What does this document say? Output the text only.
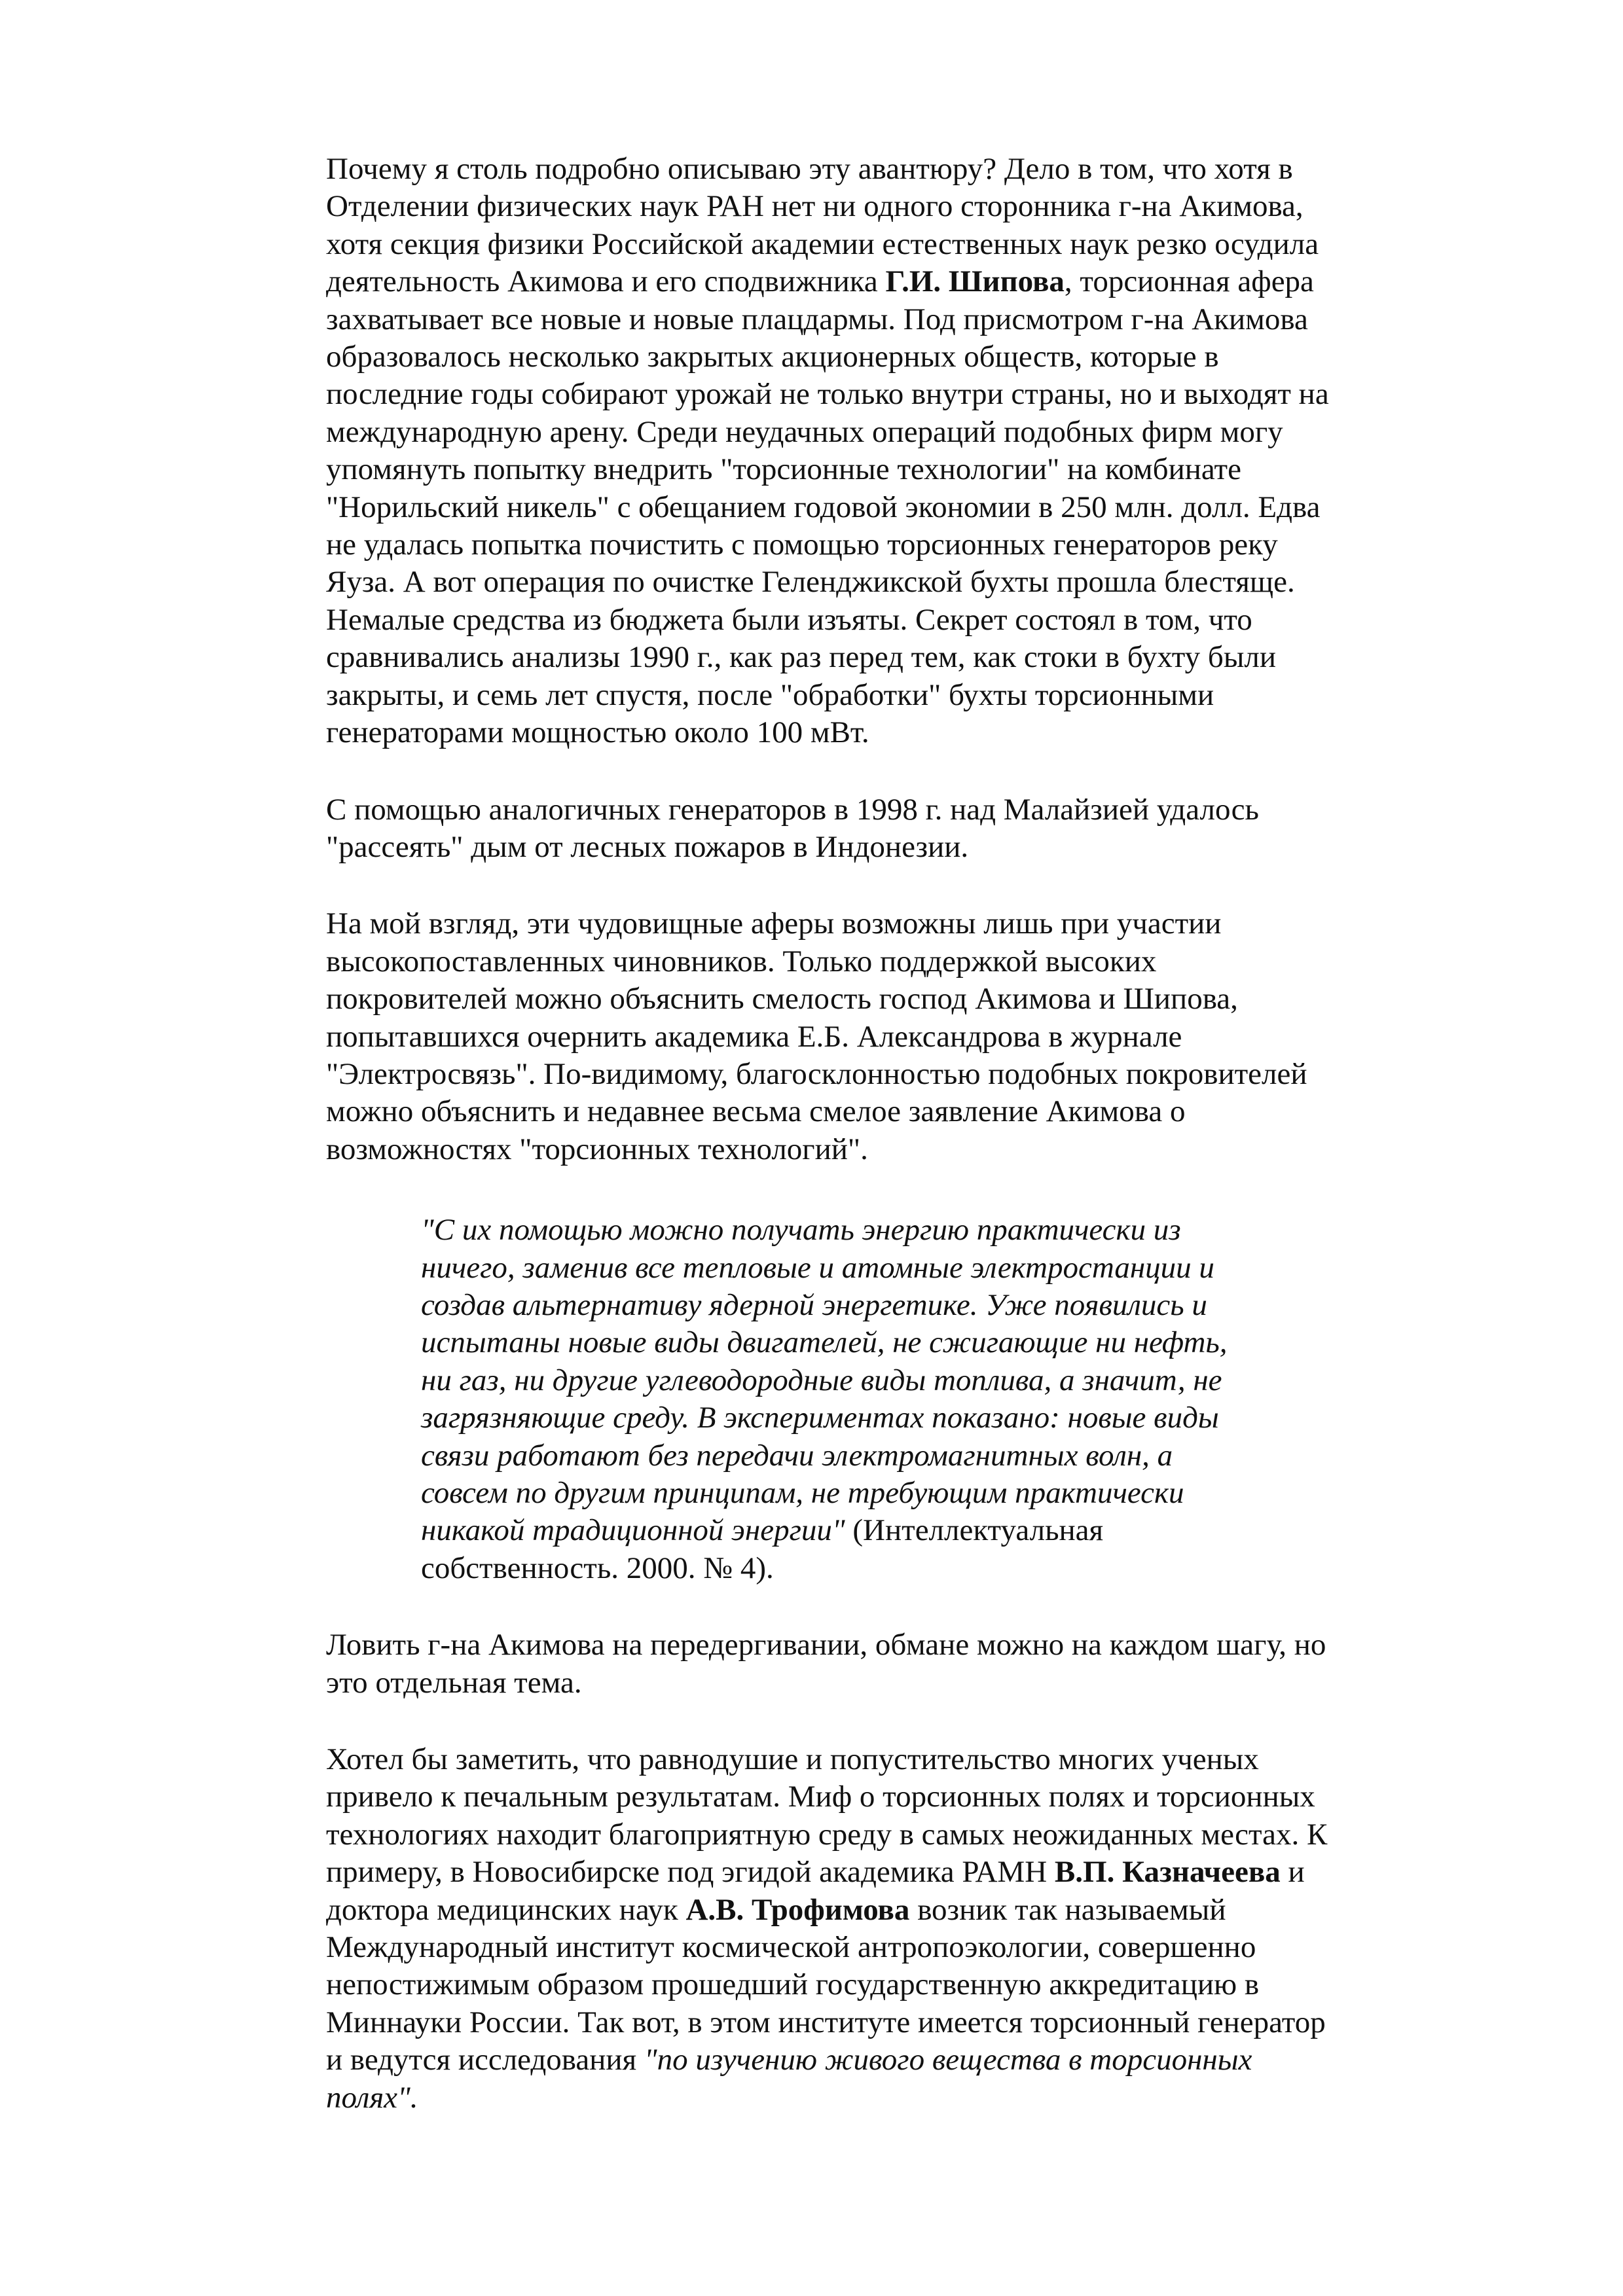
Почему я столь подробно описываю эту авантюру? Дело в том, что хотя в
Отделении физических наук РАН нет ни одного сторонника г-на Акимова,
хотя секция физики Российской академии естественных наук резко осудила
деятельность Акимова и его сподвижника Г.И. Шипова, торсионная афера
захватывает все новые и новые плацдармы. Под присмотром г-на Акимова
образовалось несколько закрытых акционерных обществ, которые в
последние годы собирают урожай не только внутри страны, но и выходят на
международную арену. Среди неудачных операций подобных фирм могу
упомянуть попытку внедрить "торсионные технологии" на комбинате
"Норильский никель" с обещанием годовой экономии в 250 млн. долл. Едва
не удалась попытка почистить с помощью торсионных генераторов реку
Яуза. А вот операция по очистке Геленджикской бухты прошла блестяще.
Немалые средства из бюджета были изъяты. Секрет состоял в том, что
сравнивались анализы 1990 г., как раз перед тем, как стоки в бухту были
закрыты, и семь лет спустя, после "обработки" бухты торсионными
генераторами мощностью около 100 мВт.
С помощью аналогичных генераторов в 1998 г. над Малайзией удалось
"рассеять" дым от лесных пожаров в Индонезии.
На мой взгляд, эти чудовищные аферы возможны лишь при участии
высокопоставленных чиновников. Только поддержкой высоких
покровителей можно объяснить смелость господ Акимова и Шипова,
попытавшихся очернить академика Е.Б. Александрова в журнале
"Электросвязь". По-видимому, благосклонностью подобных покровителей
можно объяснить и недавнее весьма смелое заявление Акимова о
возможностях "торсионных технологий".
"С их помощью можно получать энергию практически из
ничего, заменив все тепловые и атомные электростанции и
создав альтернативу ядерной энергетике. Уже появились и
испытаны новые виды двигателей, не сжигающие ни нефть,
ни газ, ни другие углеводородные виды топлива, а значит, не
загрязняющие среду. В экспериментах показано: новые виды
связи работают без передачи электромагнитных волн, а
совсем по другим принципам, не требующим практически
никакой традиционной энергии" (Интеллектуальная
собственность. 2000. № 4).
Ловить г-на Акимова на передергивании, обмане можно на каждом шагу, но
это отдельная тема.
Хотел бы заметить, что равнодушие и попустительство многих ученых
привело к печальным результатам. Миф о торсионных полях и торсионных
технологиях находит благоприятную среду в самых неожиданных местах. К
примеру, в Новосибирске под эгидой академика РАМН В.П. Казначеева и
доктора медицинских наук А.В. Трофимова возник так называемый
Международный институт космической антропоэкологии, совершенно
непостижимым образом прошедший государственную аккредитацию в
Миннауки России. Так вот, в этом институте имеется торсионный генератор
и ведутся исследования "по изучению живого вещества в торсионных
полях".
